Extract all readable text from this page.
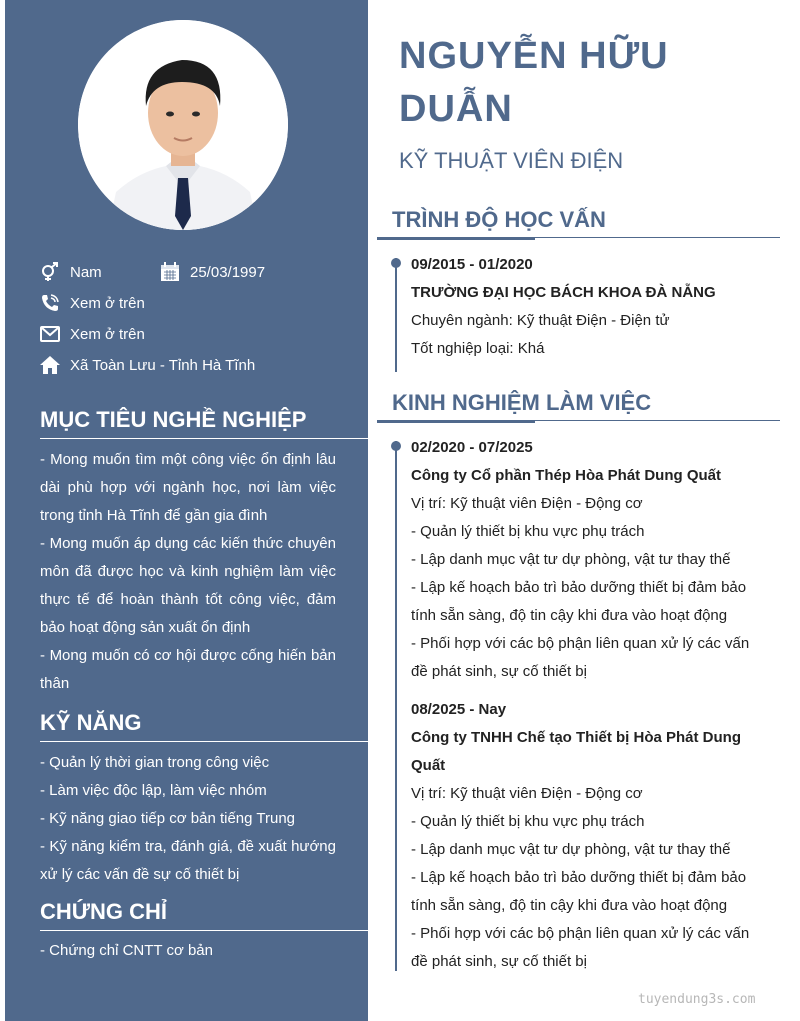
Nam	25/03/1997
Xem ở trên
Xem ở trên
Xã Toàn Lưu - Tỉnh Hà Tĩnh
MỤC TIÊU NGHỀ NGHIỆP

- Mong muốn tìm một công việc ổn định lâu dài phù hợp với ngành học, nơi làm việc trong tỉnh Hà Tĩnh để gần gia đình

- Mong muốn áp dụng các kiến thức chuyên môn đã được học và kinh nghiệm làm việc thực tế để hoàn thành tốt công việc, đảm bảo hoạt động sản xuất ổn định

- Mong muốn có cơ hội được cống hiến bản thân

KỸ NĂNG

- Quản lý thời gian trong công việc

- Làm việc độc lập, làm việc nhóm

- Kỹ năng giao tiếp cơ bản tiếng Trung

- Kỹ năng kiểm tra, đánh giá, đề xuất hướng xử lý các vấn đề sự cố thiết bị

CHỨNG CHỈ

- Chứng chỉ CNTT cơ bản

NGUYỄN HỮU
DUẪN
KỸ THUẬT VIÊN ĐIỆN
TRÌNH ĐỘ HỌC VẤN

09/2015 - 01/2020

TRƯỜNG ĐẠI HỌC BÁCH KHOA ĐÀ NẴNG

Chuyên ngành: Kỹ thuật Điện - Điện tử

Tốt nghiệp loại: Khá

KINH NGHIỆM LÀM VIỆC

02/2020 - 07/2025

Công ty Cổ phần Thép Hòa Phát Dung Quất

Vị trí: Kỹ thuật viên Điện - Động cơ

- Quản lý thiết bị khu vực phụ trách

- Lập danh mục vật tư dự phòng, vật tư thay thế

- Lập kế hoạch bảo trì bảo dưỡng thiết bị đảm bảo tính sẵn sàng, độ tin cậy khi đưa vào hoạt động

- Phối hợp với các bộ phận liên quan xử lý các vấn đề phát sinh, sự cố thiết bị

08/2025 - Nay

Công ty TNHH Chế tạo Thiết bị Hòa Phát Dung Quất

Vị trí: Kỹ thuật viên Điện - Động cơ

- Quản lý thiết bị khu vực phụ trách

- Lập danh mục vật tư dự phòng, vật tư thay thế

- Lập kế hoạch bảo trì bảo dưỡng thiết bị đảm bảo tính sẵn sàng, độ tin cậy khi đưa vào hoạt động

- Phối hợp với các bộ phận liên quan xử lý các vấn đề phát sinh, sự cố thiết bị

tuyendung3s.com
